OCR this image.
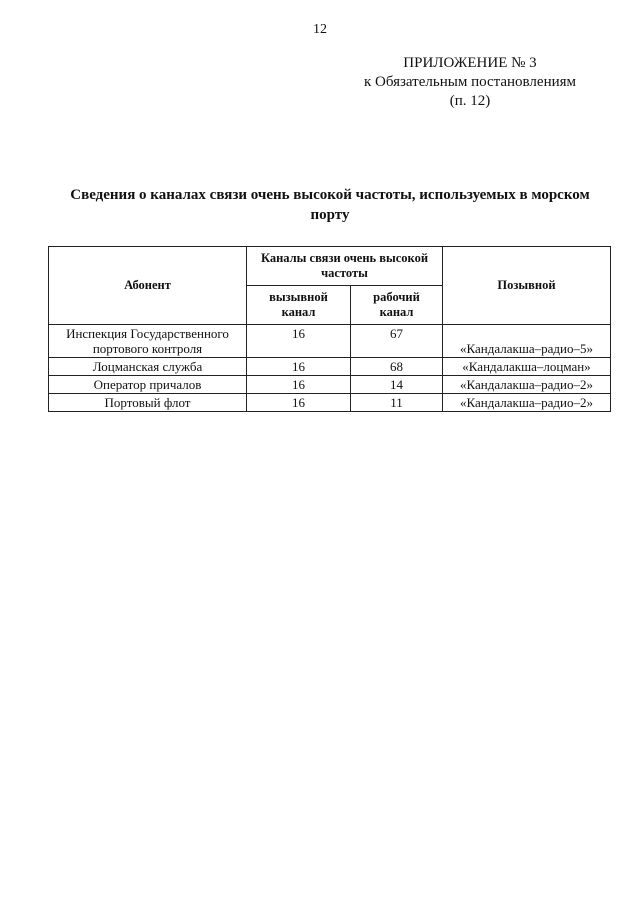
12
ПРИЛОЖЕНИЕ № 3
к Обязательным постановлениям
(п. 12)
Сведения о каналах связи очень высокой частоты, используемых в морском
порту
Абонент	Каналы связи очень высокой частоты		Позывной
	вызывной канал	рабочий канал	
Инспекция Государственного портового контроля	16	67	«Кандалакша–радио–5»
Лоцманская служба	16	68	«Кандалакша–лоцман»
Оператор причалов	16	14	«Кандалакша–радио–2»
Портовый флот	16	11	«Кандалакша–радио–2»
